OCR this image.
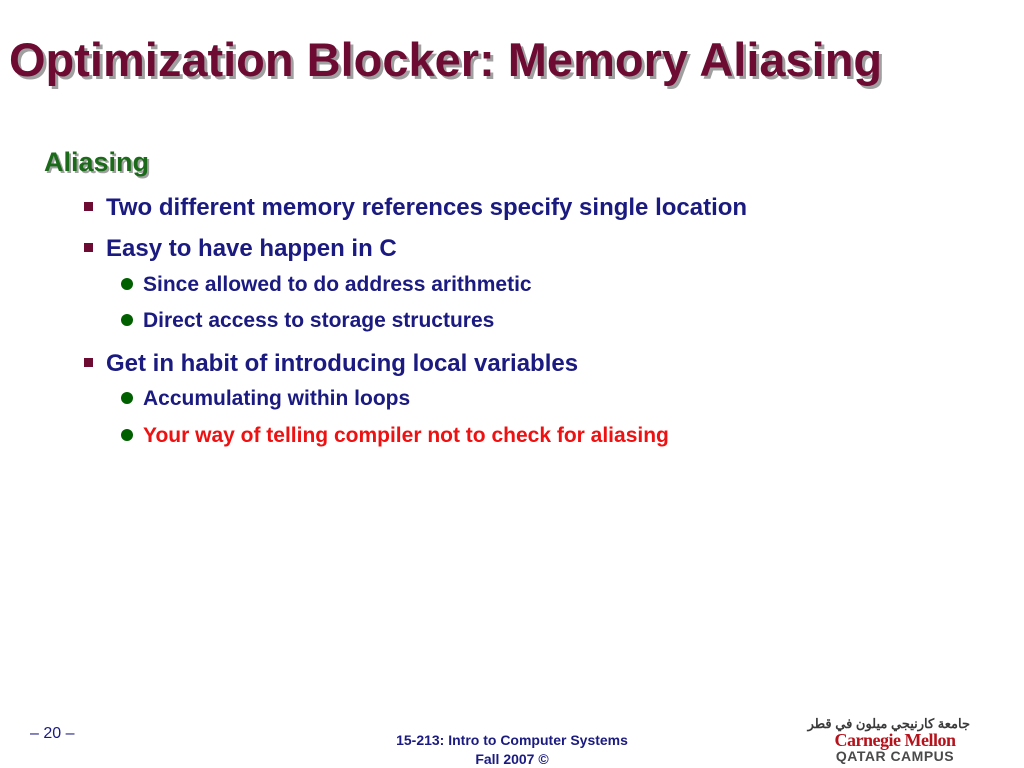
Optimization Blocker: Memory Aliasing
Aliasing
Two different memory references specify single location
Easy to have happen in C
Since allowed to do address arithmetic
Direct access to storage structures
Get in habit of introducing local variables
Accumulating within loops
Your way of telling compiler not to check for aliasing
– 20 –	15-213: Intro to Computer Systems
Fall 2007 ©
جامعة كارنيجي ميلون في قطر
Carnegie Mellon
QATAR CAMPUS
